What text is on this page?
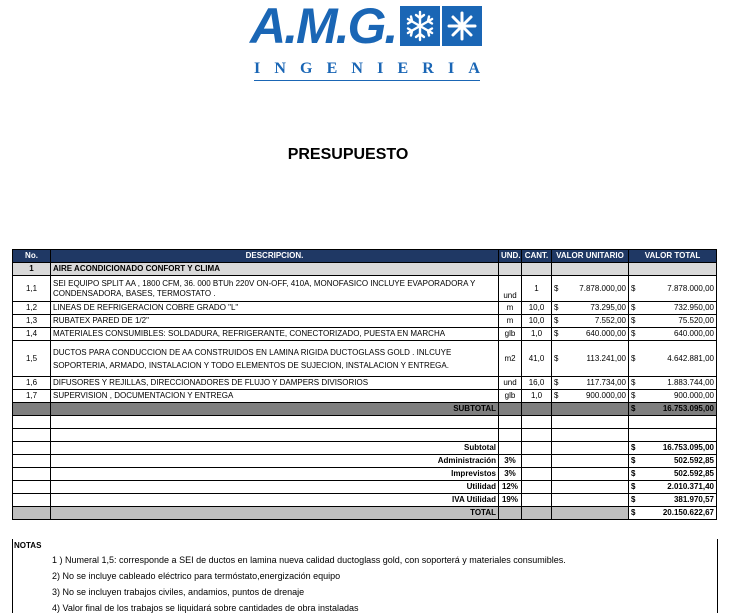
A.M.G.
I N G E N I E R I A
PRESUPUESTO
No.	DESCRIPCION.	UND.	CANT.	VALOR UNITARIO	VALOR TOTAL
1	AIRE ACONDICIONADO CONFORT Y CLIMA				
1,1	SEI EQUIPO SPLIT AA , 1800 CFM, 36. 000 BTUh 220V ON-OFF, 410A, MONOFASICO INCLUYE EVAPORADORA Y CONDENSADORA, BASES, TERMOSTATO .	und	1	$ 7.878.000,00	$ 7.878.000,00

1,2	LINEAS DE REFRIGERACION COBRE GRADO "L"	m	10,0	$ 73.295,00	$ 732.950,00

1,3	RUBATEX PARED DE 1/2"	m	10,0	$ 7.552,00	$ 75.520,00

1,4	MATERIALES CONSUMIBLES: SOLDADURA, REFRIGERANTE, CONECTORIZADO, PUESTA EN MARCHA	glb	1,0	$ 640.000,00	$ 640.000,00

1,5	DUCTOS PARA CONDUCCION DE AA CONSTRUIDOS EN LAMINA RIGIDA DUCTOGLASS GOLD . INLCUYE SOPORTERIA, ARMADO, INSTALACION Y TODO ELEMENTOS DE SUJECION, INSTALACION Y ENTREGA.	m2	41,0	$ 113.241,00	$ 4.642.881,00

1,6	DIFUSORES Y REJILLAS, DIRECCIONADORES DE FLUJO Y DAMPERS DIVISORIOS	und	16,0	$ 117.734,00	$ 1.883.744,00

1,7	SUPERVISION , DOCUMENTACION Y ENTREGA	glb	1,0	$ 900.000,00	$ 900.000,00

	SUBTOTAL				$ 16.753.095,00

	Subtotal				$ 16.753.095,00

	Administración	3%			$ 502.592,85

	Imprevistos	3%			$ 502.592,85

	Utilidad	12%			$ 2.010.371,40

	IVA Utilidad	19%			$ 381.970,57

	TOTAL				$ 20.150.622,67
NOTAS
1 ) Numeral 1,5: corresponde a SEI de ductos en lamina nueva calidad ductoglass gold, con soporterá y materiales consumibles.
2) No se incluye cableado eléctrico para termóstato,energización equipo
3) No se incluyen trabajos civiles, andamios, puntos de drenaje
4) Valor final de los trabajos se liquidará sobre cantidades de obra instaladas
